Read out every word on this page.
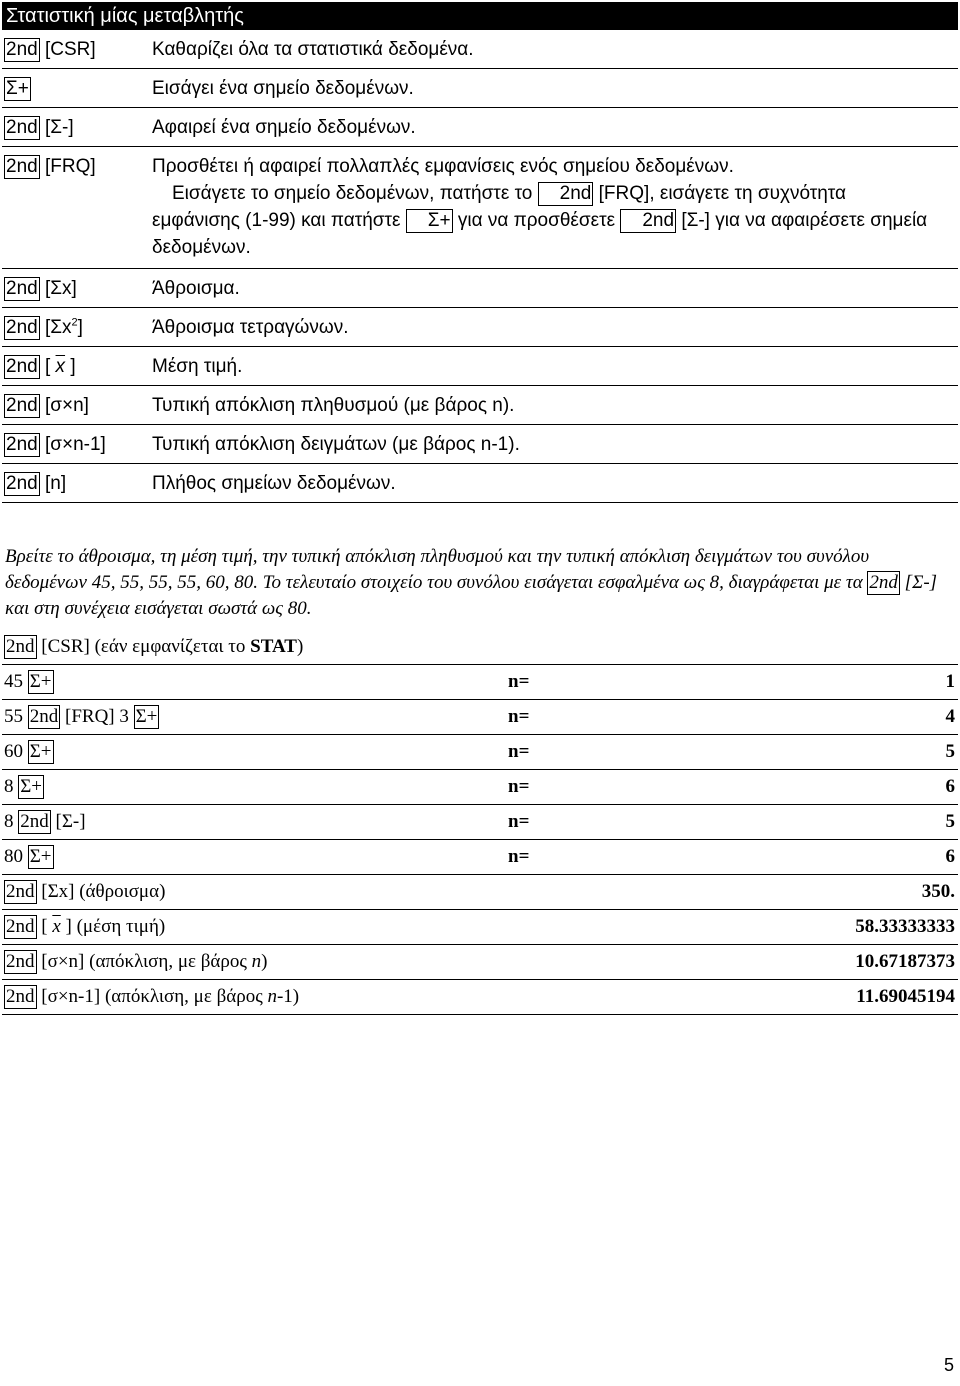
Στατιστική μίας μεταβλητής
2nd [CSR]	Καθαρίζει όλα τα στατιστικά δεδομένα.
Σ+	Εισάγει ένα σημείο δεδομένων.
2nd [Σ-]	Αφαιρεί ένα σημείο δεδομένων.
2nd [FRQ]	Προσθέτει ή αφαιρεί πολλαπλές εμφανίσεις ενός σημείου δεδομένων.
Εισάγετε το σημείο δεδομένων, πατήστε το 2nd [FRQ], εισάγετε τη συχνότητα εμφάνισης (1-99) και πατήστε Σ+ για να προσθέσετε 2nd [Σ-] για να αφαιρέσετε σημεία δεδομένων.
2nd [Σx]	Άθροισμα.
2nd $[\Sigma x^2]$	Άθροισμα τετραγώνων.
2nd [ $\overline{x}$ ]	Μέση τιμή.
2nd [σ×n]	Τυπική απόκλιση πληθυσμού (με βάρος n).
2nd [σ×n-1]	Τυπική απόκλιση δειγμάτων (με βάρος n-1).
2nd [n]	Πλήθος σημείων δεδομένων.
Βρείτε το άθροισμα, τη μέση τιμή, την τυπική απόκλιση πληθυσμού και την τυπική απόκλιση δειγμάτων του συνόλου δεδομένων 45, 55, 55, 55, 60, 80. Το τελευταίο στοιχείο του συνόλου εισάγεται εσφαλμένα ως 8, διαγράφεται με τα 2nd [Σ-] και στη συνέχεια εισάγεται σωστά ως 80.
2nd [CSR] (εάν εμφανίζεται το STAT)
45 Σ+	n=	1
55 2nd [FRQ] 3 Σ+	n=	4
60 Σ+	n=	5
8 Σ+	n=	6
8 2nd [Σ-]	n=	5
80 Σ+	n=	6
2nd [Σx] (άθροισμα)	350.
2nd [ $\overline{x}$ ] (μέση τιμή)	58.33333333
2nd [σ×n] (απόκλιση, με βάρος n)	10.67187373
2nd [σ×n-1] (απόκλιση, με βάρος n-1)	11.69045194
5
